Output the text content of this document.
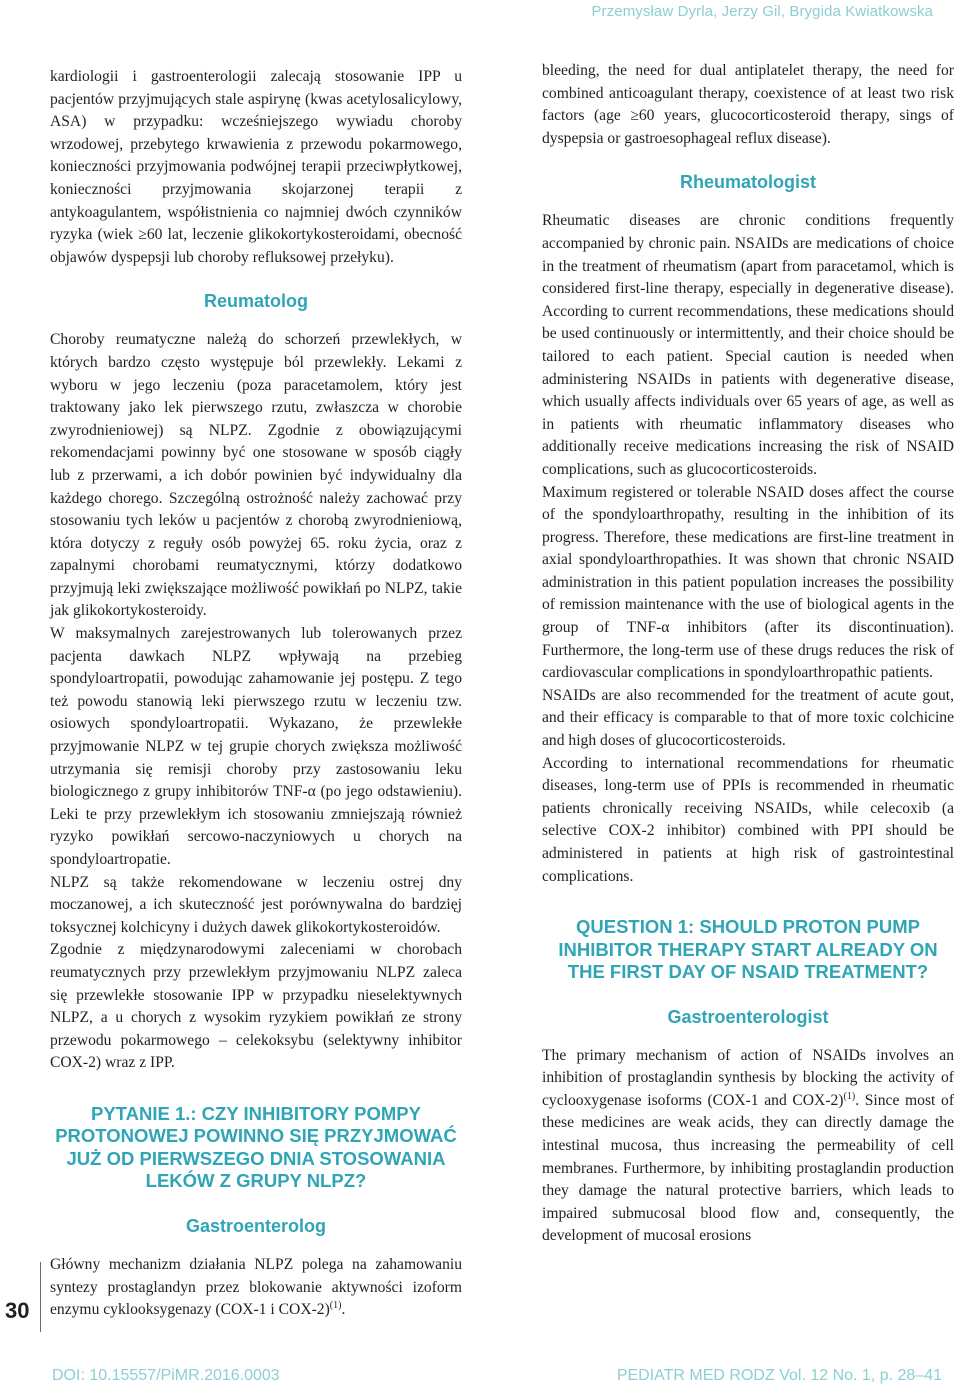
Przemysław Dyrla, Jerzy Gil, Brygida Kwiatkowska

kardiologii i gastroenterologii zalecają stosowanie IPP u pacjentów przyjmujących stale aspirynę (kwas acetylosalicylowy, ASA) w przypadku: wcześniejszego wywiadu choroby wrzodowej, przebytego krwawienia z przewodu pokarmowego, konieczności przyjmowania podwójnej terapii przeciwpłytkowej, konieczności przyjmowania skojarzonej terapii z antykoagulantem, współistnienia co najmniej dwóch czynników ryzyka (wiek ≥60 lat, leczenie glikokortykosteroidami, obecność objawów dyspepsji lub choroby refluksowej przełyku).

Reumatolog

Choroby reumatyczne należą do schorzeń przewlekłych, w których bardzo często występuje ból przewlekły. Lekami z wyboru w jego leczeniu (poza paracetamolem, który jest traktowany jako lek pierwszego rzutu, zwłaszcza w chorobie zwyrodnieniowej) są NLPZ. Zgodnie z obowiązującymi rekomendacjami powinny być one stosowane w sposób ciągły lub z przerwami, a ich dobór powinien być indywidualny dla każdego chorego. Szczególną ostrożność należy zachować przy stosowaniu tych leków u pacjentów z chorobą zwyrodnieniową, która dotyczy z reguły osób powyżej 65. roku życia, oraz z zapalnymi chorobami reumatycznymi, którzy dodatkowo przyjmują leki zwiększające możliwość powikłań po NLPZ, takie jak glikokortykosteroidy.

W maksymalnych zarejestrowanych lub tolerowanych przez pacjenta dawkach NLPZ wpływają na przebieg spondyloartropatii, powodując zahamowanie jej postępu. Z tego też powodu stanowią leki pierwszego rzutu w leczeniu tzw. osiowych spondyloartropatii. Wykazano, że przewlekłe przyjmowanie NLPZ w tej grupie chorych zwiększa możliwość utrzymania się remisji choroby przy zastosowaniu leku biologicznego z grupy inhibitorów TNF-α (po jego odstawieniu). Leki te przy przewlekłym ich stosowaniu zmniejszają również ryzyko powikłań sercowo-naczyniowych u chorych na spondyloartropatie.

NLPZ są także rekomendowane w leczeniu ostrej dny moczanowej, a ich skuteczność jest porównywalna do bardzięj toksycznej kolchicyny i dużych dawek glikokortykosteroidów.

Zgodnie z międzynarodowymi zaleceniami w chorobach reumatycznych przy przewlekłym przyjmowaniu NLPZ zaleca się przewlekłe stosowanie IPP w przypadku nieselektywnych NLPZ, a u chorych z wysokim ryzykiem powikłań ze strony przewodu pokarmowego – celekoksybu (selektywny inhibitor COX-2) wraz z IPP.

PYTANIE 1.: CZY INHIBITORY POMPY PROTONOWEJ POWINNO SIĘ PRZYJMOWAĆ JUŻ OD PIERWSZEGO DNIA STOSOWANIA LEKÓW Z GRUPY NLPZ?
Gastroenterolog

Główny mechanizm działania NLPZ polega na zahamowaniu syntezy prostaglandyn przez blokowanie aktywności izoform enzymu cyklooksygenazy (COX-1 i COX-2)$^{(1)}$.

bleeding, the need for dual antiplatelet therapy, the need for combined anticoagulant therapy, coexistence of at least two risk factors (age ≥60 years, glucocorticosteroid therapy, sings of dyspepsia or gastroesophageal reflux disease).

Rheumatologist

Rheumatic diseases are chronic conditions frequently accompanied by chronic pain. NSAIDs are medications of choice in the treatment of rheumatism (apart from paracetamol, which is considered first-line therapy, especially in degenerative disease). According to current recommendations, these medications should be used continuously or intermittently, and their choice should be tailored to each patient. Special caution is needed when administering NSAIDs in patients with degenerative disease, which usually affects individuals over 65 years of age, as well as in patients with rheumatic inflammatory diseases who additionally receive medications increasing the risk of NSAID complications, such as glucocorticosteroids.

Maximum registered or tolerable NSAID doses affect the course of the spondyloarthropathy, resulting in the inhibition of its progress. Therefore, these medications are first-line treatment in axial spondyloarthropathies. It was shown that chronic NSAID administration in this patient population increases the possibility of remission maintenance with the use of biological agents in the group of TNF-α inhibitors (after its discontinuation). Furthermore, the long-term use of these drugs reduces the risk of cardiovascular complications in spondyloarthropathic patients.

NSAIDs are also recommended for the treatment of acute gout, and their efficacy is comparable to that of more toxic colchicine and high doses of glucocorticosteroids.

According to international recommendations for rheumatic diseases, long-term use of PPIs is recommended in rheumatic patients chronically receiving NSAIDs, while celecoxib (a selective COX-2 inhibitor) combined with PPI should be administered in patients at high risk of gastrointestinal complications.

QUESTION 1: SHOULD PROTON PUMP INHIBITOR THERAPY START ALREADY ON THE FIRST DAY OF NSAID TREATMENT?
Gastroenterologist

The primary mechanism of action of NSAIDs involves an inhibition of prostaglandin synthesis by blocking the activity of cyclooxygenase isoforms (COX-1 and COX-2)$^{(1)}$. Since most of these medicines are weak acids, they can directly damage the intestinal mucosa, thus increasing the permeability of cell membranes. Furthermore, by inhibiting prostaglandin production they damage the natural protective barriers, which leads to impaired submucosal blood flow and, consequently, the development of mucosal erosions

30
DOI: 10.15557/PiMR.2016.0003	PEDIATR MED RODZ Vol. 12 No. 1, p. 28–41
